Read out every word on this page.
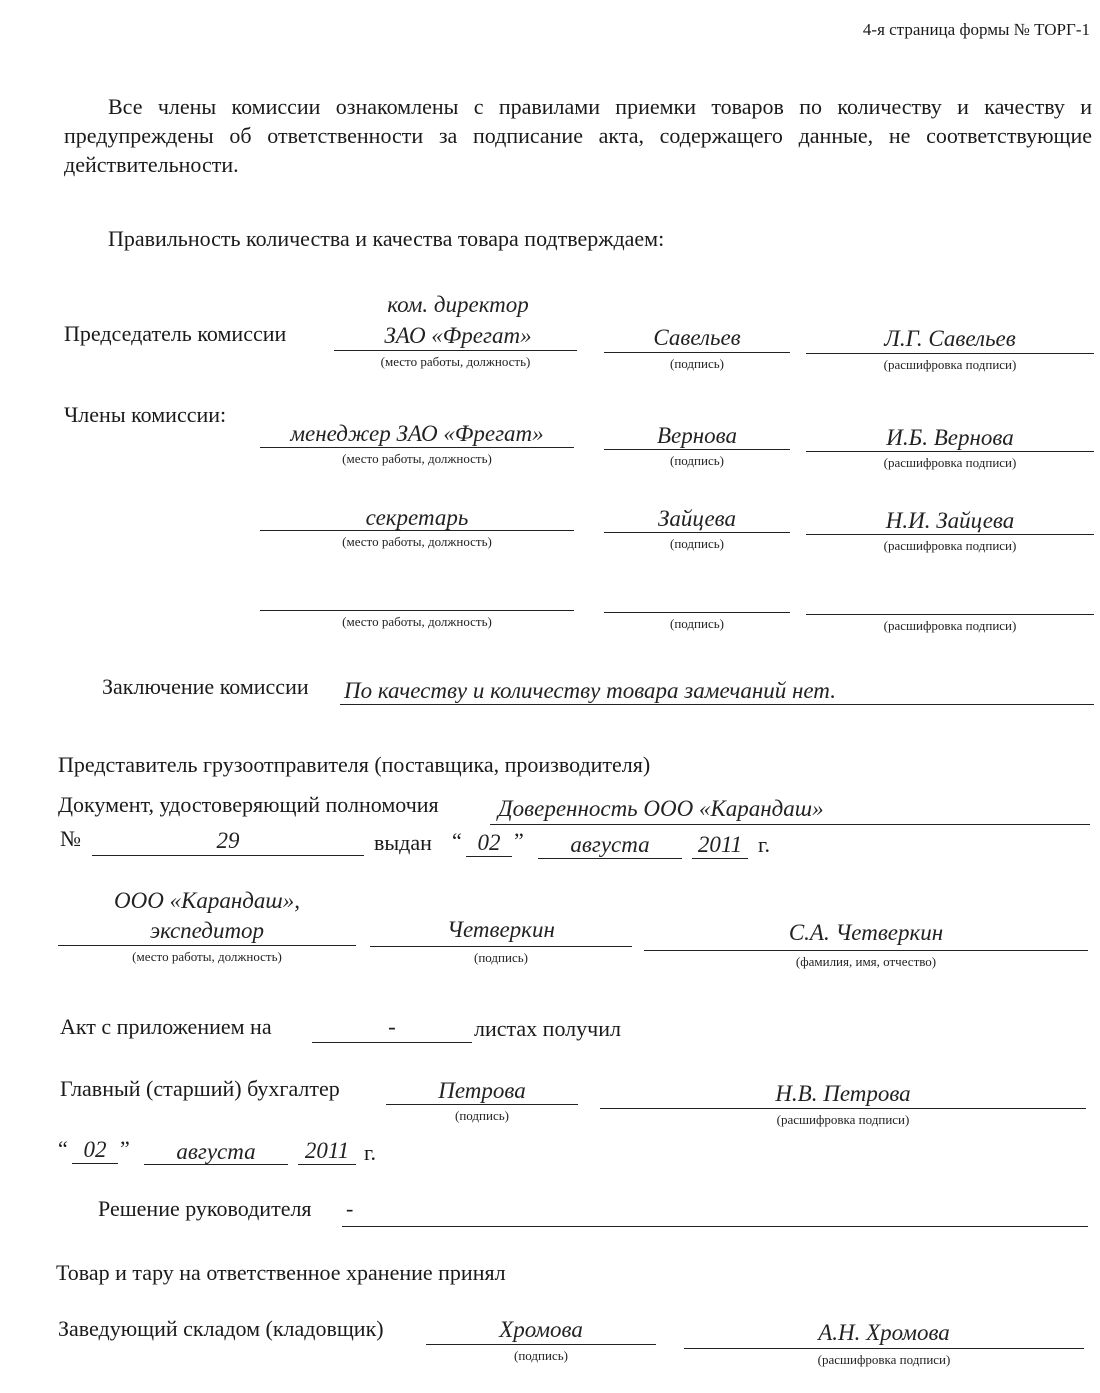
4-я страница формы № ТОРГ-1
Все члены комиссии ознакомлены с правилами приемки товаров по количеству и качеству и предупреждены об ответственности за подписание акта, содержащего данные, не соответствующие действительности.
Правильность количества и качества товара подтверждаем:
Председатель комиссии
ком. директор
ЗАО «Фрегат»
(место работы, должность)
Савельев
(подпись)
Л.Г. Савельев
(расшифровка подписи)
Члены комиссии:
менеджер ЗАО «Фрегат»
(место работы, должность)
Вернова
(подпись)
И.Б. Вернова
(расшифровка подписи)
секретарь
(место работы, должность)
Зайцева
(подпись)
Н.И. Зайцева
(расшифровка подписи)
(место работы, должность)	(подпись)	(расшифровка подписи)
Заключение комиссии По качеству и количеству товара замечаний нет.
Представитель грузоотправителя (поставщика, производителя)
Документ, удостоверяющий полномочия	Доверенность ООО «Карандаш»
№	29	выдан “ 02 ”	августа	2011 г.
ООО «Карандаш»,
экспедитор
(место работы, должность)
Четверкин
(подпись)
С.А. Четверкин
(фамилия, имя, отчество)
Акт с приложением на	-	листах получил
Главный (старший) бухгалтер	Петрова
(подпись)
Н.В. Петрова
(расшифровка подписи)
“ 02 ”	августа	2011 г.
Решение руководителя -
Товар и тару на ответственное хранение принял
Заведующий складом (кладовщик)	Хромова
(подпись)
А.Н. Хромова
(расшифровка подписи)
